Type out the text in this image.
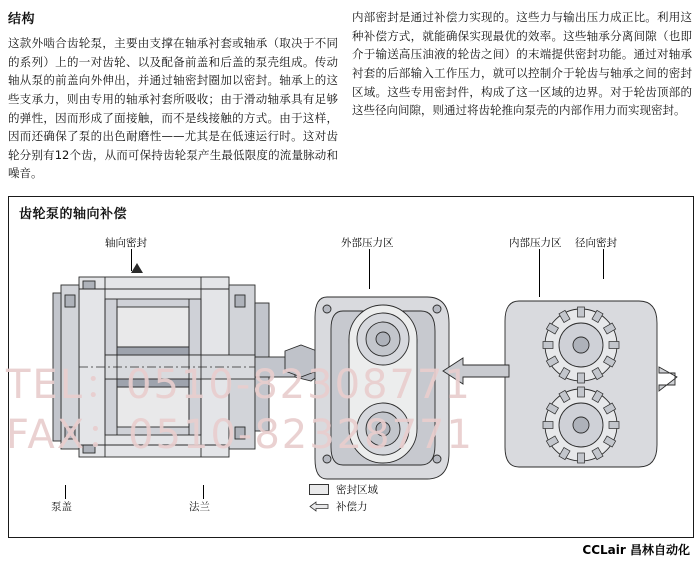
结构

这款外啮合齿轮泵，主要由支撑在轴承衬套或轴承（取决于不同的系列）上的一对齿轮、以及配备前盖和后盖的泵壳组成。传动轴从泵的前盖向外伸出，并通过轴密封圈加以密封。轴承上的这些支承力，则由专用的轴承衬套所吸收；由于滑动轴承具有足够的弹性，因而形成了面接触，而不是线接触的方式。由于这样，因而还确保了泵的出色耐磨性——尤其是在低速运行时。这对齿轮分别有12个齿，从而可保持齿轮泵产生最低限度的流量脉动和噪音。

内部密封是通过补偿力实现的。这些力与输出压力成正比。利用这种补偿方式，就能确保实现最优的效率。这些轴承分离间隙（也即介于输送高压油液的轮齿之间）的末端提供密封功能。通过对轴承衬套的后部输入工作压力，就可以控制介于轮齿与轴承之间的密封区域。这些专用密封件，构成了这一区域的边界。对于轮齿顶部的这些径向间隙，则通过将齿轮推向泵壳的内部作用力而实现密封。

齿轮泵的轴向补偿
轴向密封	外部压力区	内部压力区 径向密封
泵盖	法兰
密封区域
补偿力
TEL：0510-82308771
FAX：0510-82328771
CCLair 昌林自动化
